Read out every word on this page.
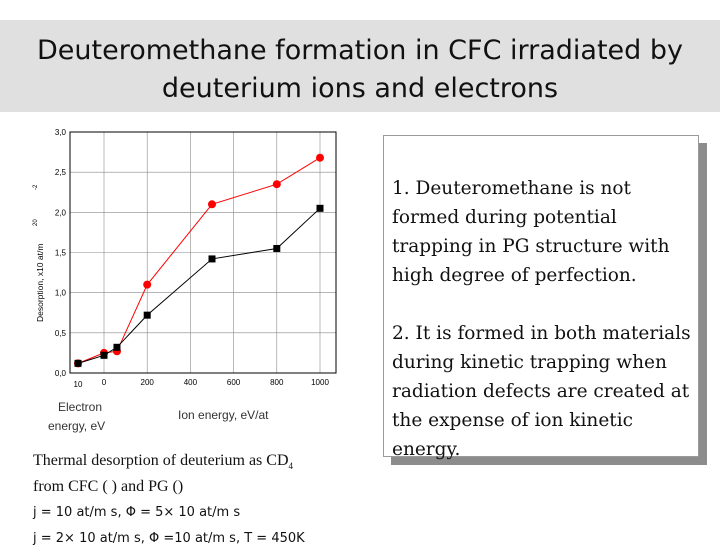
Deuteromethane formation in CFC irradiated by
deuterium ions and electrons
0,0
0,5
1,0
1,5
2,0
2,5
3,0
0	200	400	600	800	1000
10
Desorption, x10 at/m
20
-2
Electron
energy, eV
Ion energy, eV/at

1. Deuteromethane is not formed during potential trapping in PG structure with high degree of perfection.

2. It is formed in both materials during kinetic trapping when radiation defects are created at the expense of ion kinetic energy.

Thermal desorption of deuterium as $CD_4$
from CFC ( ) and PG ()
j = 10 at/m s, Φ = 5× 10 at/m s
j = 2× 10 at/m s, Φ =10 at/m s, T = 450K
